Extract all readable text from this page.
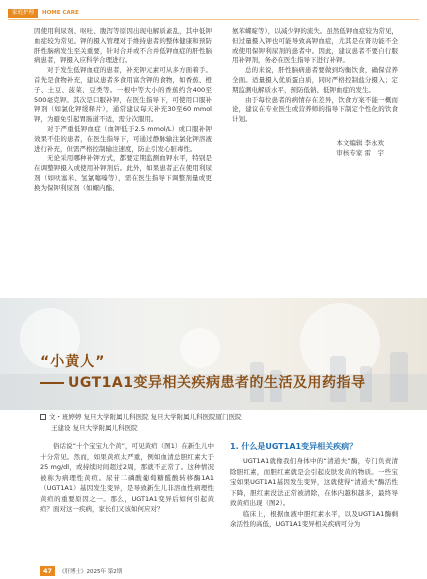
家庭护理	HOME CARE

因使用利尿剂、呕吐、腹泻等原因出现电解质紊乱，其中低钾血症较为常见。钾的摄入管理对于维持患者的整体健康和预防肝性脑病发生至关重要，针对合并或不合并低钾血症的肝性脑病患者，钾摄入应科学合理进行。

对于发生低钾血症的患者，补充钾元素可从多方面着手。首先是食物补充，建议患者多食用富含钾的食物，如香蕉、橙子、土豆、菠菜、豆类等。一根中等大小的香蕉约含400至500毫克钾。其次是口服补钾，在医生指导下，可使用口服补钾剂（如氯化钾缓释片），通常建议每天补充30至60 mmol钾，为避免引起胃肠道不适，需分次服用。

对于严重低钾血症（血钾低于2.5 mmol/L）或口服补钾效果不佳的患者，在医生指导下，可通过静脉输注氯化钾溶液进行补充，但需严格控制输注速度，防止引发心脏毒性。

无论采用哪种补钾方式，都要定期监测血钾水平，特别是在调整钾摄入或使用补钾剂后。此外，如果患者正在使用利尿剂（如呋塞米、氢氯噻嗪等），需在医生指导下调整剂量或更换为保钾利尿剂（如螺内酯、

氨苯蝶啶等），以减少钾的流失。虽然低钾血症较为常见，但过量摄入钾也可能导致高钾血症，尤其是在肾功能不全或使用保钾利尿剂的患者中。因此，建议患者不要自行服用补钾剂，务必在医生指导下进行补钾。

总的来说，肝性脑病患者要做到均衡饮食，确保营养全面。适量摄入优质蛋白质，同时严格控制盐分摄入；定期监测电解质水平，预防低钠、低钾血症的发生。

由于每位患者的病情存在差异，饮食方案不能一概而论，建议在专业医生或营养师的指导下制定个性化的饮食计划。

本文编辑 李永欢
审核专家 雷　宇
“小黄人”
UGT1A1变异相关疾病患者的生活及用药指导
文・班婷婷 复旦大学附属儿科医院 复旦大学附属儿科医院厦门医院
王建设 复旦大学附属儿科医院

俗话说“十个宝宝九个黄”，可见黄疸（图1）在新生儿中十分常见。然而，如果黄疸太严重，例如血清总胆红素大于25 mg/dl，或持续时间超过2周，那就不正常了。这种情况被称为病理性黄疸。尿苷二磷酸葡萄糖醛酸转移酶1A1（UGT1A1）基因发生变异，是导致新生儿非溶血性病理性黄疸的重要原因之一。那么，UGT1A1变异后如何引起黄疸？面对这一疾病，家长们又该如何应对？

1. 什么是UGT1A1变异相关疾病？

UGT1A1就像我们身体中的“清道夫”酶，专门负责清除胆红素，而胆红素就是会引起皮肤发黄的物质。一些宝宝如果UGT1A1基因发生变异，这就使得“清道夫”酶活性下降，胆红素没法正常被清除，在体内越积越多，最终导致黄疸出现（图2）。

临床上，根据血液中胆红素水平，以及UGT1A1酶剩余活性的高低，UGT1A1变异相关疾病可分为

47	《肝博士》2025年 第2期
